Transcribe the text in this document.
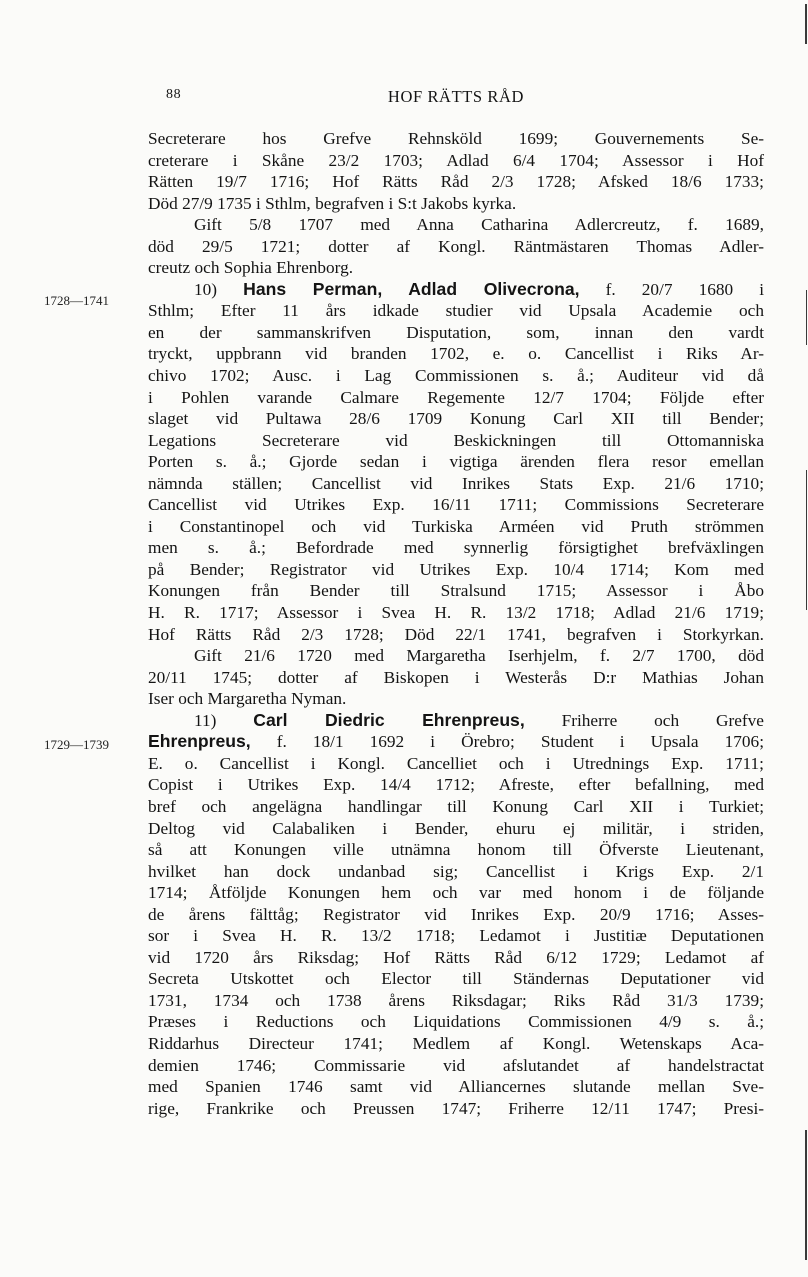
88	HOF RÄTTS RÅD
1728—1741
1729—1739
Secreterare hos Grefve Rehnsköld 1699; Gouvernements Se-
creterare i Skåne 23/2 1703; Adlad 6/4 1704; Assessor i Hof
Rätten 19/7 1716; Hof Rätts Råd 2/3 1728; Afsked 18/6 1733;
Död 27/9 1735 i Sthlm, begrafven i S:t Jakobs kyrka.
Gift 5/8 1707 med Anna Catharina Adlercreutz, f. 1689,
död 29/5 1721; dotter af Kongl. Räntmästaren Thomas Adler-
creutz och Sophia Ehrenborg.
10) Hans Perman, Adlad Olivecrona, f. 20/7 1680 i
Sthlm; Efter 11 års idkade studier vid Upsala Academie och
en der sammanskrifven Disputation, som, innan den vardt
tryckt, uppbrann vid branden 1702, e. o. Cancellist i Riks Ar-
chivo 1702; Ausc. i Lag Commissionen s. å.; Auditeur vid då
i Pohlen varande Calmare Regemente 12/7 1704; Följde efter
slaget vid Pultawa 28/6 1709 Konung Carl XII till Bender;
Legations Secreterare vid Beskickningen till Ottomanniska
Porten s. å.; Gjorde sedan i vigtiga ärenden flera resor emellan
nämnda ställen; Cancellist vid Inrikes Stats Exp. 21/6 1710;
Cancellist vid Utrikes Exp. 16/11 1711; Commissions Secreterare
i Constantinopel och vid Turkiska Arméen vid Pruth strömmen
men s. å.; Befordrade med synnerlig försigtighet brefväxlingen
på Bender; Registrator vid Utrikes Exp. 10/4 1714; Kom med
Konungen från Bender till Stralsund 1715; Assessor i Åbo
H. R. 1717; Assessor i Svea H. R. 13/2 1718; Adlad 21/6 1719;
Hof Rätts Råd 2/3 1728; Död 22/1 1741, begrafven i Storkyrkan.
Gift 21/6 1720 med Margaretha Iserhjelm, f. 2/7 1700, död
20/11 1745; dotter af Biskopen i Westerås D:r Mathias Johan
Iser och Margaretha Nyman.
11) Carl Diedric Ehrenpreus, Friherre och Grefve
Ehrenpreus, f. 18/1 1692 i Örebro; Student i Upsala 1706;
E. o. Cancellist i Kongl. Cancelliet och i Utrednings Exp. 1711;
Copist i Utrikes Exp. 14/4 1712; Afreste, efter befallning, med
bref och angelägna handlingar till Konung Carl XII i Turkiet;
Deltog vid Calabaliken i Bender, ehuru ej militär, i striden,
så att Konungen ville utnämna honom till Öfverste Lieutenant,
hvilket han dock undanbad sig; Cancellist i Krigs Exp. 2/1
1714; Åtföljde Konungen hem och var med honom i de följande
de årens fälttåg; Registrator vid Inrikes Exp. 20/9 1716; Asses-
sor i Svea H. R. 13/2 1718; Ledamot i Justitiæ Deputationen
vid 1720 års Riksdag; Hof Rätts Råd 6/12 1729; Ledamot af
Secreta Utskottet och Elector till Ständernas Deputationer vid
1731, 1734 och 1738 årens Riksdagar; Riks Råd 31/3 1739;
Præses i Reductions och Liquidations Commissionen 4/9 s. å.;
Riddarhus Directeur 1741; Medlem af Kongl. Wetenskaps Aca-
demien 1746; Commissarie vid afslutandet af handelstractat
med Spanien 1746 samt vid Alliancernes slutande mellan Sve-
rige, Frankrike och Preussen 1747; Friherre 12/11 1747; Presi-
